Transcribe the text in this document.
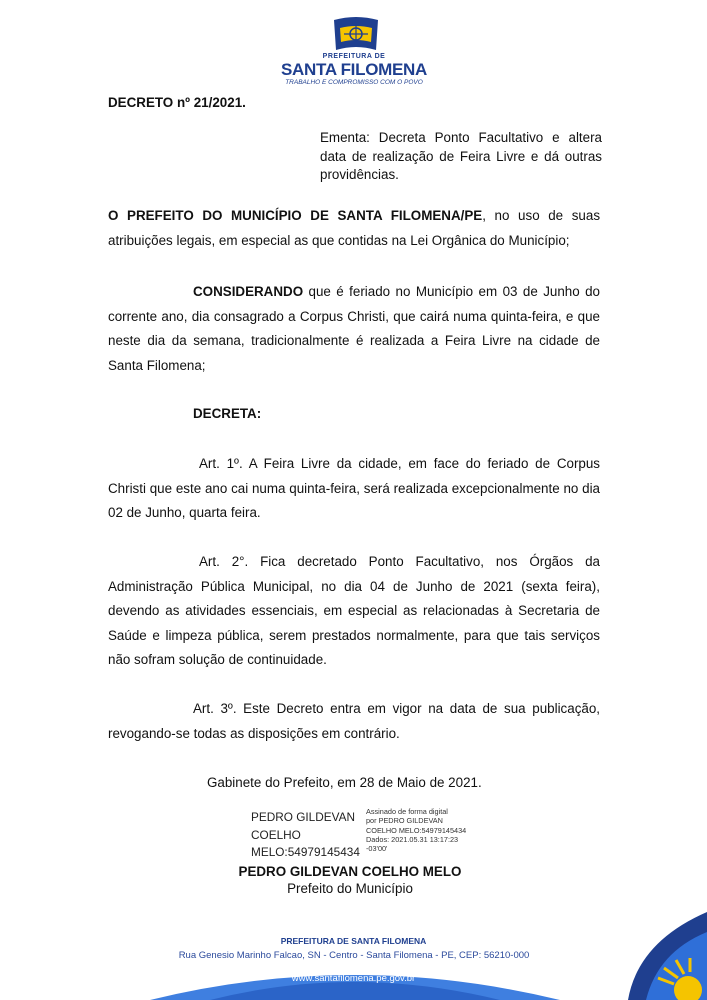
PREFEITURA DE
SANTA FILOMENA
TRABALHO E COMPROMISSO COM O POVO
DECRETO nº 21/2021.
Ementa: Decreta Ponto Facultativo e altera data de realização de Feira Livre e dá outras providências.
O PREFEITO DO MUNICÍPIO DE SANTA FILOMENA/PE, no uso de suas atribuições legais, em especial as que contidas na Lei Orgânica do Município;
CONSIDERANDO que é feriado no Município em 03 de Junho do corrente ano, dia consagrado a Corpus Christi, que cairá numa quinta-feira, e que neste dia da semana, tradicionalmente é realizada a Feira Livre na cidade de Santa Filomena;
DECRETA:
Art. 1º. A Feira Livre da cidade, em face do feriado de Corpus Christi que este ano cai numa quinta-feira, será realizada excepcionalmente no dia 02 de Junho, quarta feira.
Art. 2°. Fica decretado Ponto Facultativo, nos Órgãos da Administração Pública Municipal, no dia 04 de Junho de 2021 (sexta feira), devendo as atividades essenciais, em especial as relacionadas à Secretaria de Saúde e limpeza pública, serem prestados normalmente, para que tais serviços não sofram solução de continuidade.
Art. 3º. Este Decreto entra em vigor na data de sua publicação, revogando-se todas as disposições em contrário.
Gabinete do Prefeito, em 28 de Maio de 2021.
PEDRO GILDEVAN
COELHO
MELO:54979145434
Assinado de forma digital
por PEDRO GILDEVAN
COELHO MELO:54979145434
Dados: 2021.05.31 13:17:23
-03'00'
PEDRO GILDEVAN COELHO MELO
Prefeito do Município
PREFEITURA DE SANTA FILOMENA
Rua Genesio Marinho Falcao, SN - Centro - Santa Filomena - PE, CEP: 56210-000
www.santafilomena.pe.gov.br
